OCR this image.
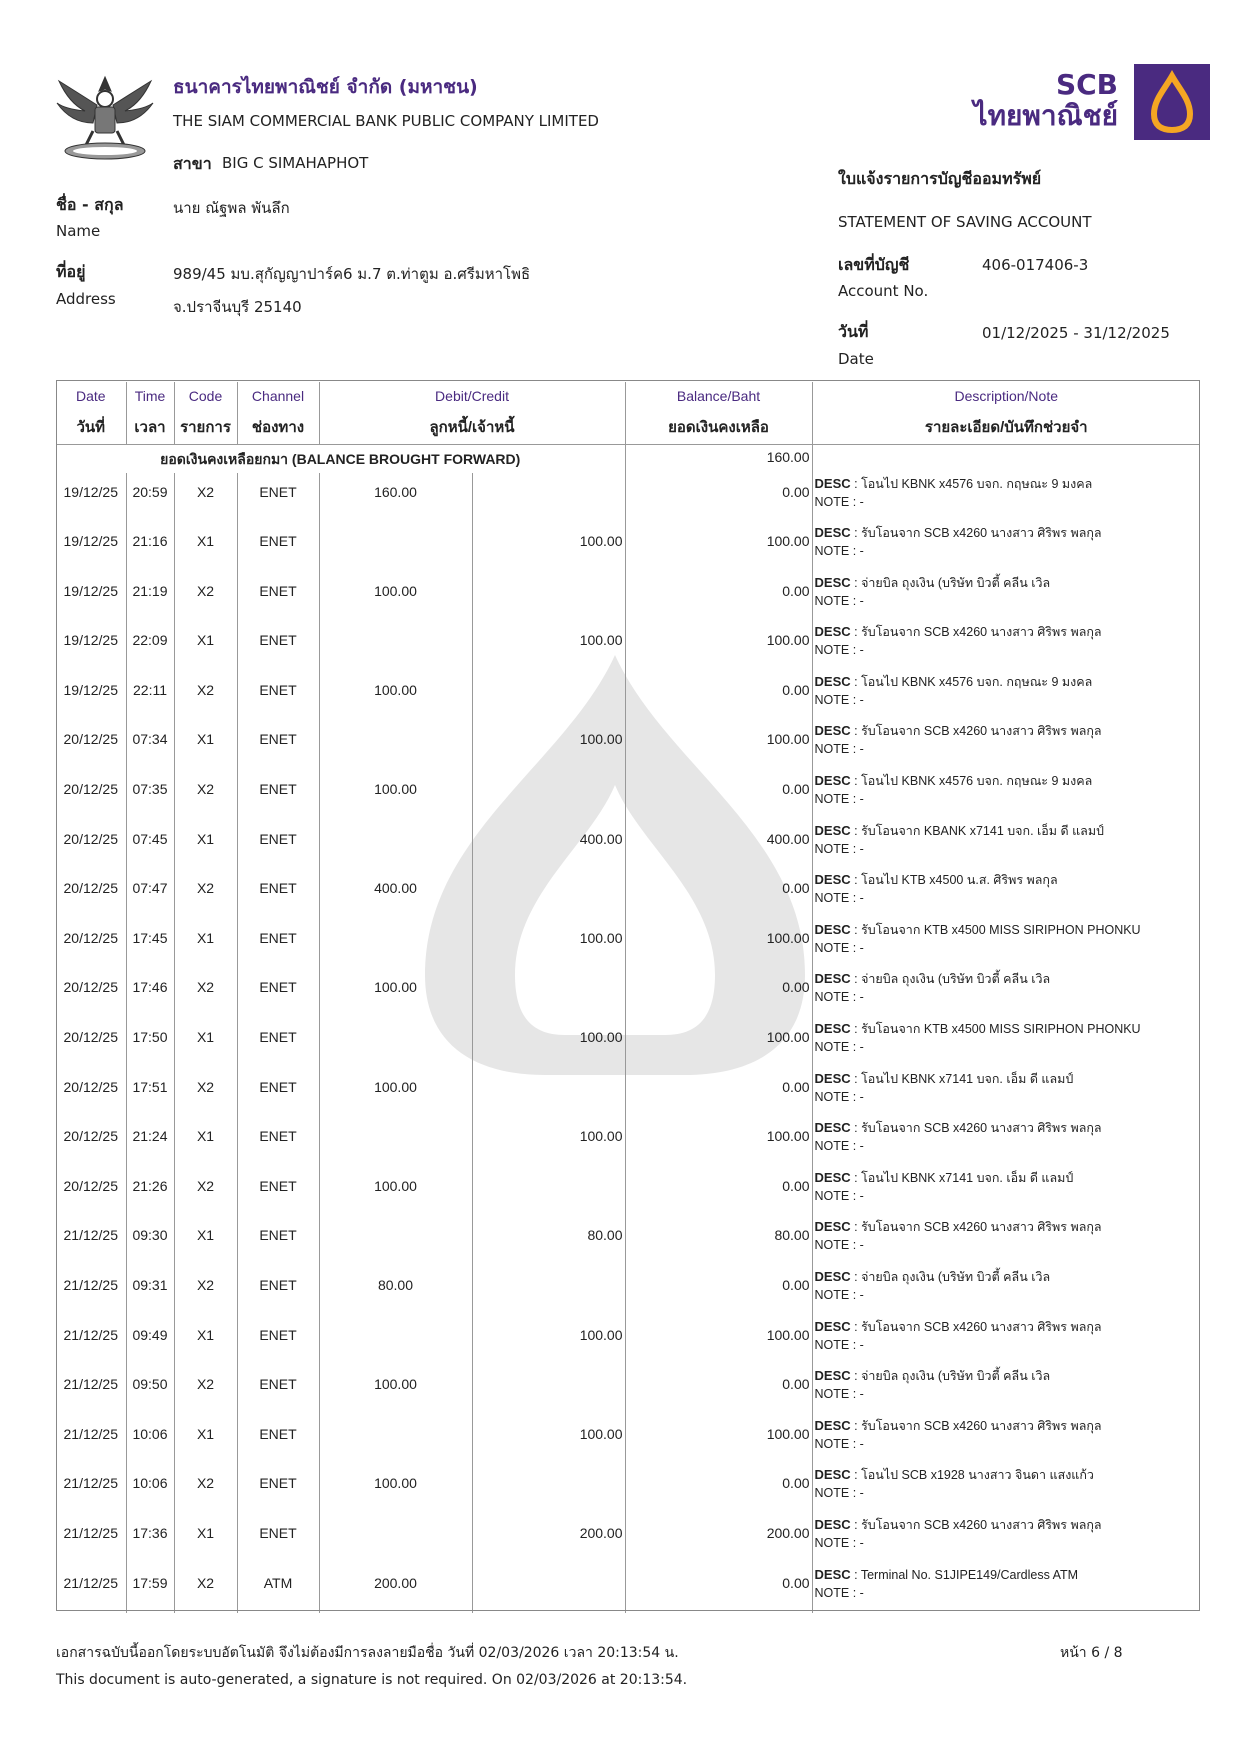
ธนาคารไทยพาณิชย์ จำกัด (มหาชน)
THE SIAM COMMERCIAL BANK PUBLIC COMPANY LIMITED
SCB
ไทยพาณิชย์
สาขา BIG C SIMAHAPHOT
ชื่อ - สกุล
Name
นาย ณัฐพล พันลึก
ที่อยู่
Address
989/45 มบ.สุกัญญาปาร์ค6 ม.7 ต.ท่าตูม อ.ศรีมหาโพธิ
จ.ปราจีนบุรี 25140
ใบแจ้งรายการบัญชีออมทรัพย์
STATEMENT OF SAVING ACCOUNT
เลขที่บัญชี
Account No.
406-017406-3
วันที่
Date
01/12/2025 - 31/12/2025
Date	Time	Code	Channel	Debit/Credit		Balance/Baht	Description/Note
วันที่	เวลา	รายการ	ช่องทาง	ลูกหนี้/เจ้าหนี้		ยอดเงินคงเหลือ	รายละเอียด/บันทึกช่วยจำ
ยอดเงินคงเหลือยกมา (BALANCE BROUGHT FORWARD)						160.00	
19/12/25	20:59	X2	ENET	160.00		0.00	DESC : โอนไป KBNK x4576 บจก. กฤษณะ 9 มงคล
NOTE : -

19/12/25	21:16	X1	ENET		100.00	100.00	DESC : รับโอนจาก SCB x4260 นางสาว ศิริพร พลกุล
NOTE : -

19/12/25	21:19	X2	ENET	100.00		0.00	DESC : จ่ายบิล ถุงเงิน (บริษัท บิวตี้ คลีน เวิล
NOTE : -

19/12/25	22:09	X1	ENET		100.00	100.00	DESC : รับโอนจาก SCB x4260 นางสาว ศิริพร พลกุล
NOTE : -

19/12/25	22:11	X2	ENET	100.00		0.00	DESC : โอนไป KBNK x4576 บจก. กฤษณะ 9 มงคล
NOTE : -

20/12/25	07:34	X1	ENET		100.00	100.00	DESC : รับโอนจาก SCB x4260 นางสาว ศิริพร พลกุล
NOTE : -

20/12/25	07:35	X2	ENET	100.00		0.00	DESC : โอนไป KBNK x4576 บจก. กฤษณะ 9 มงคล
NOTE : -

20/12/25	07:45	X1	ENET		400.00	400.00	DESC : รับโอนจาก KBANK x7141 บจก. เอ็ม ดี แลมป์
NOTE : -

20/12/25	07:47	X2	ENET	400.00		0.00	DESC : โอนไป KTB x4500 น.ส. ศิริพร พลกุล
NOTE : -

20/12/25	17:45	X1	ENET		100.00	100.00	DESC : รับโอนจาก KTB x4500 MISS SIRIPHON PHONKU
NOTE : -

20/12/25	17:46	X2	ENET	100.00		0.00	DESC : จ่ายบิล ถุงเงิน (บริษัท บิวตี้ คลีน เวิล
NOTE : -

20/12/25	17:50	X1	ENET		100.00	100.00	DESC : รับโอนจาก KTB x4500 MISS SIRIPHON PHONKU
NOTE : -

20/12/25	17:51	X2	ENET	100.00		0.00	DESC : โอนไป KBNK x7141 บจก. เอ็ม ดี แลมป์
NOTE : -

20/12/25	21:24	X1	ENET		100.00	100.00	DESC : รับโอนจาก SCB x4260 นางสาว ศิริพร พลกุล
NOTE : -

20/12/25	21:26	X2	ENET	100.00		0.00	DESC : โอนไป KBNK x7141 บจก. เอ็ม ดี แลมป์
NOTE : -

21/12/25	09:30	X1	ENET		80.00	80.00	DESC : รับโอนจาก SCB x4260 นางสาว ศิริพร พลกุล
NOTE : -

21/12/25	09:31	X2	ENET	80.00		0.00	DESC : จ่ายบิล ถุงเงิน (บริษัท บิวตี้ คลีน เวิล
NOTE : -

21/12/25	09:49	X1	ENET		100.00	100.00	DESC : รับโอนจาก SCB x4260 นางสาว ศิริพร พลกุล
NOTE : -

21/12/25	09:50	X2	ENET	100.00		0.00	DESC : จ่ายบิล ถุงเงิน (บริษัท บิวตี้ คลีน เวิล
NOTE : -

21/12/25	10:06	X1	ENET		100.00	100.00	DESC : รับโอนจาก SCB x4260 นางสาว ศิริพร พลกุล
NOTE : -

21/12/25	10:06	X2	ENET	100.00		0.00	DESC : โอนไป SCB x1928 นางสาว จินดา แสงแก้ว
NOTE : -

21/12/25	17:36	X1	ENET		200.00	200.00	DESC : รับโอนจาก SCB x4260 นางสาว ศิริพร พลกุล
NOTE : -

21/12/25	17:59	X2	ATM	200.00		0.00	DESC : Terminal No. S1JIPE149/Cardless ATM
NOTE : -
เอกสารฉบับนี้ออกโดยระบบอัตโนมัติ จึงไม่ต้องมีการลงลายมือชื่อ วันที่ 02/03/2026 เวลา 20:13:54 น.
This document is auto-generated, a signature is not required. On 02/03/2026 at 20:13:54.
หน้า 6 / 8
